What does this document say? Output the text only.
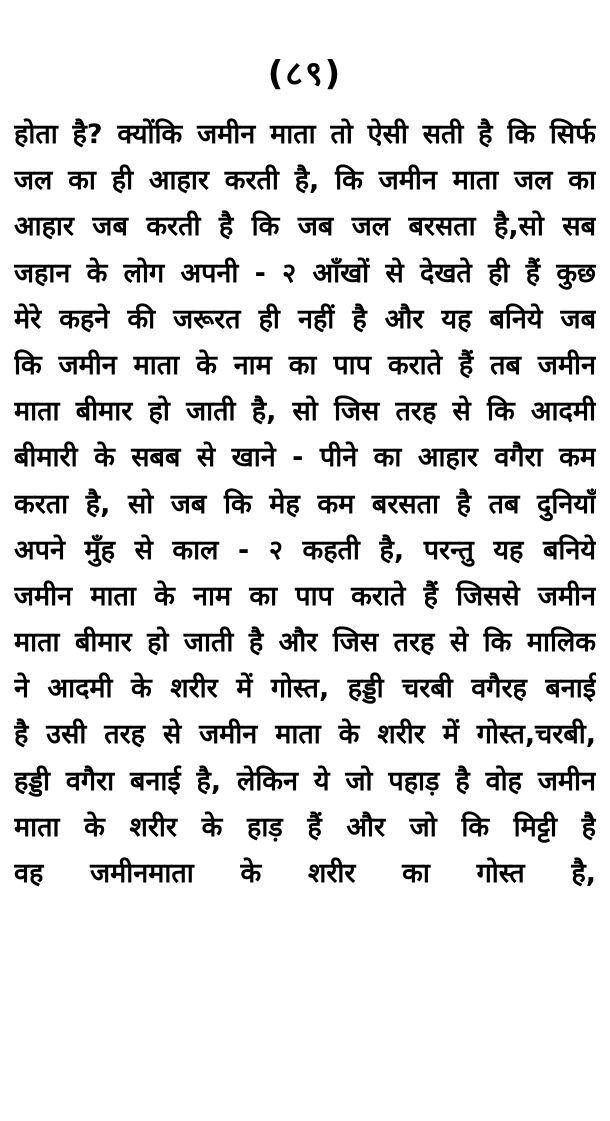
(८९)
होता है? क्योंकि जमीन माता तो ऐसी सती है कि सिर्फ
जल का ही आहार करती है, कि जमीन माता जल का
आहार जब करती है कि जब जल बरसता है,सो सब
जहान के लोग अपनी - २ आँखों से देखते ही हैं कुछ
मेरे कहने की जरूरत ही नहीं है और यह बनिये जब
कि जमीन माता के नाम का पाप कराते हैं तब जमीन
माता बीमार हो जाती है, सो जिस तरह से कि आदमी
बीमारी के सबब से खाने - पीने का आहार वगैरा कम
करता है, सो जब कि मेह कम बरसता है तब दुनियाँ
अपने मुँह से काल - २ कहती है, परन्तु यह बनिये
जमीन माता के नाम का पाप कराते हैं जिससे जमीन
माता बीमार हो जाती है और जिस तरह से कि मालिक
ने आदमी के शरीर में गोस्त, हड्डी चरबी वगैरह बनाई
है उसी तरह से जमीन माता के शरीर में गोस्त,चरबी,
हड्डी वगैरा बनाई है, लेकिन ये जो पहाड़ है वोह जमीन
माता के शरीर के हाड़ हैं और जो कि मिट्टी है
वह जमीनमाता के शरीर का गोस्त है,
